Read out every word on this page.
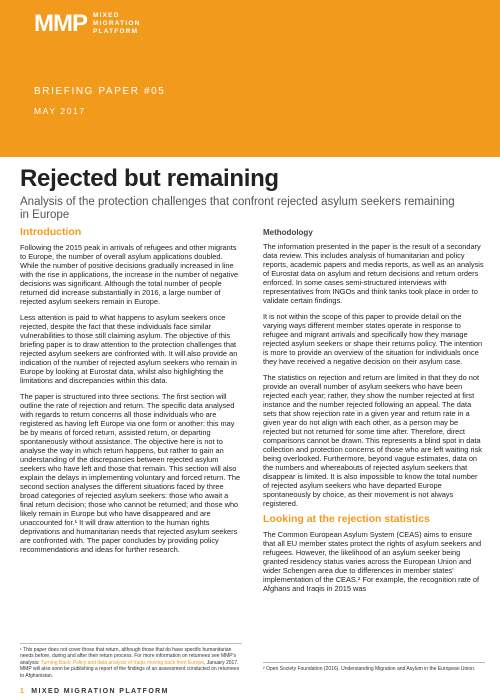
MMP MIXED
MIGRATION
PLATFORM
BRIEFING PAPER #05
MAY 2017
Rejected but remaining
Analysis of the protection challenges that confront rejected asylum seekers remaining in Europe
Introduction

Following the 2015 peak in arrivals of refugees and other migrants to Europe, the number of overall asylum applications doubled. While the number of positive decisions gradually increased in line with the rise in applications, the increase in the number of negative decisions was significant. Although the total number of people returned did increase substantially in 2016, a large number of rejected asylum seekers remain in Europe.

Less attention is paid to what happens to asylum seekers once rejected, despite the fact that these individuals face similar vulnerabilities to those still claiming asylum. The objective of this briefing paper is to draw attention to the protection challenges that rejected asylum seekers are confronted with. It will also provide an indication of the number of rejected asylum seekers who remain in Europe by looking at Eurostat data, whilst also highlighting the limitations and discrepancies within this data.

The paper is structured into three sections. The first section will outline the rate of rejection and return. The specific data analysed with regards to return concerns all those individuals who are registered as having left Europe via one form or another: this may be by means of forced return, assisted return, or departing spontaneously without assistance. The objective here is not to analyse the way in which return happens, but rather to gain an understanding of the discrepancies between rejected asylum seekers who have left and those that remain. This section will also explain the delays in implementing voluntary and forced return. The second section analyses the different situations faced by three broad categories of rejected asylum seekers: those who await a final return decision; those who cannot be returned; and those who likely remain in Europe but who have disappeared and are unaccounted for.¹ It will draw attention to the human rights deprivations and humanitarian needs that rejected asylum seekers are confronted with. The paper concludes by providing policy recommendations and ideas for further research.

Methodology

The information presented in the paper is the result of a secondary data review. This includes analysis of humanitarian and policy reports, academic papers and media reports, as well as an analysis of Eurostat data on asylum and return decisions and return orders enforced. In some cases semi-structured interviews with representatives from INGOs and think tanks took place in order to validate certain findings.

It is not within the scope of this paper to provide detail on the varying ways different member states operate in response to refugee and migrant arrivals and specifically how they manage rejected asylum seekers or shape their returns policy. The intention is more to provide an overview of the situation for individuals once they have received a negative decision on their asylum case.

The statistics on rejection and return are limited in that they do not provide an overall number of asylum seekers who have been rejected each year; rather, they show the number rejected at first instance and the number rejected following an appeal. The data sets that show rejection rate in a given year and return rate in a given year do not align with each other, as a person may be rejected but not returned for some time after. Therefore, direct comparisons cannot be drawn. This represents a blind spot in data collection and protection concerns of those who are left waiting risk being overlooked. Furthermore, beyond vague estimates, data on the numbers and whereabouts of rejected asylum seekers that disappear is limited. It is also impossible to know the total number of rejected asylum seekers who have departed Europe spontaneously by choice, as their movement is not always registered.

Looking at the rejection statistics

The Common European Asylum System (CEAS) aims to ensure that all EU member states protect the rights of asylum seekers and refugees. However, the likelihood of an asylum seeker being granted residency status varies across the European Union and wider Schengen area due to differences in member states' implementation of the CEAS.² For example, the recognition rate of Afghans and Iraqis in 2015 was

¹ This paper does not cover those that return, although those that do have specific humanitarian needs before, during and after their return process. For more information on returnees see MMP's analysis: Turning Back: Policy and data analysis of Iraqis moving back from Europe, January 2017. MMP will also soon be publishing a report of the findings of an assessment conducted on returnees to Afghanistan.
² Open Society Foundation (2016). Understanding Migration and Asylum in the European Union.
1 MIXED MIGRATION PLATFORM
